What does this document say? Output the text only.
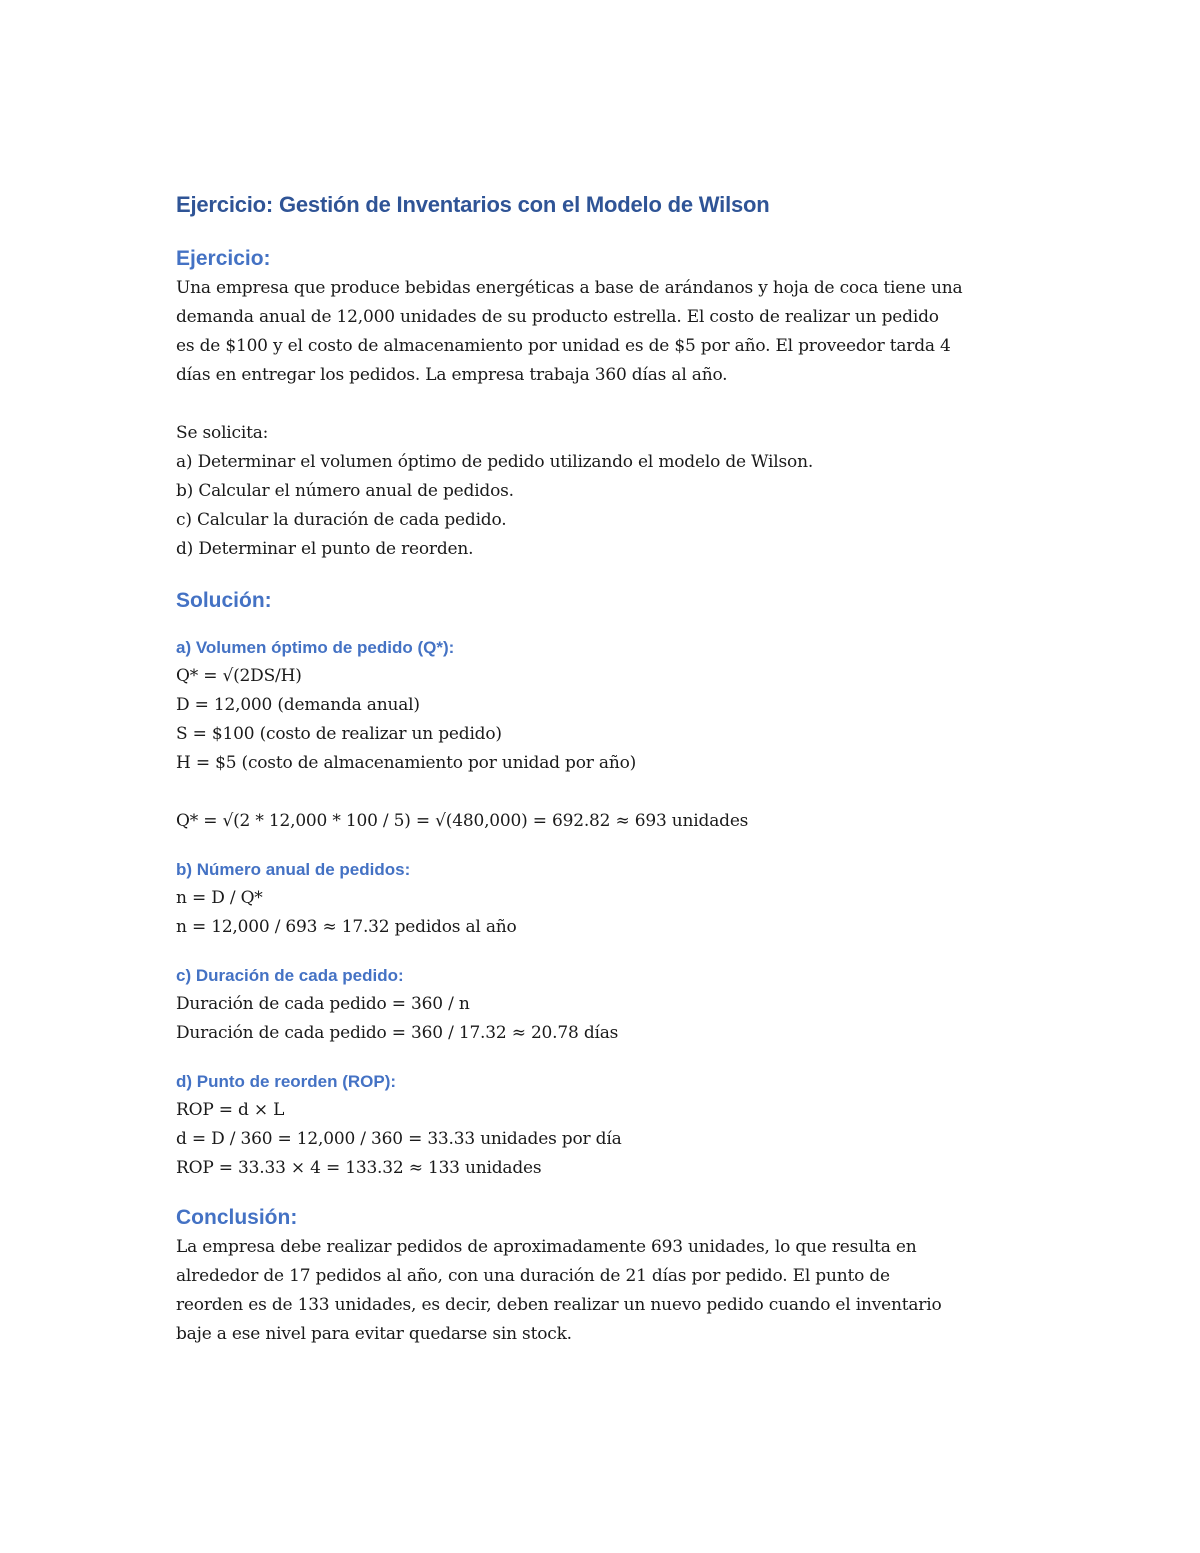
Ejercicio: Gestión de Inventarios con el Modelo de Wilson
Ejercicio:
Una empresa que produce bebidas energéticas a base de arándanos y hoja de coca tiene una
demanda anual de 12,000 unidades de su producto estrella. El costo de realizar un pedido
es de $100 y el costo de almacenamiento por unidad es de $5 por año. El proveedor tarda 4
días en entregar los pedidos. La empresa trabaja 360 días al año.
Se solicita:
a) Determinar el volumen óptimo de pedido utilizando el modelo de Wilson.
b) Calcular el número anual de pedidos.
c) Calcular la duración de cada pedido.
d) Determinar el punto de reorden.
Solución:
a) Volumen óptimo de pedido (Q*):
Q* = √(2DS/H)
D = 12,000 (demanda anual)
S = $100 (costo de realizar un pedido)
H = $5 (costo de almacenamiento por unidad por año)
Q* = √(2 * 12,000 * 100 / 5) = √(480,000) = 692.82 ≈ 693 unidades
b) Número anual de pedidos:
n = D / Q*
n = 12,000 / 693 ≈ 17.32 pedidos al año
c) Duración de cada pedido:
Duración de cada pedido = 360 / n
Duración de cada pedido = 360 / 17.32 ≈ 20.78 días
d) Punto de reorden (ROP):
ROP = d × L
d = D / 360 = 12,000 / 360 = 33.33 unidades por día
ROP = 33.33 × 4 = 133.32 ≈ 133 unidades
Conclusión:
La empresa debe realizar pedidos de aproximadamente 693 unidades, lo que resulta en
alrededor de 17 pedidos al año, con una duración de 21 días por pedido. El punto de
reorden es de 133 unidades, es decir, deben realizar un nuevo pedido cuando el inventario
baje a ese nivel para evitar quedarse sin stock.
